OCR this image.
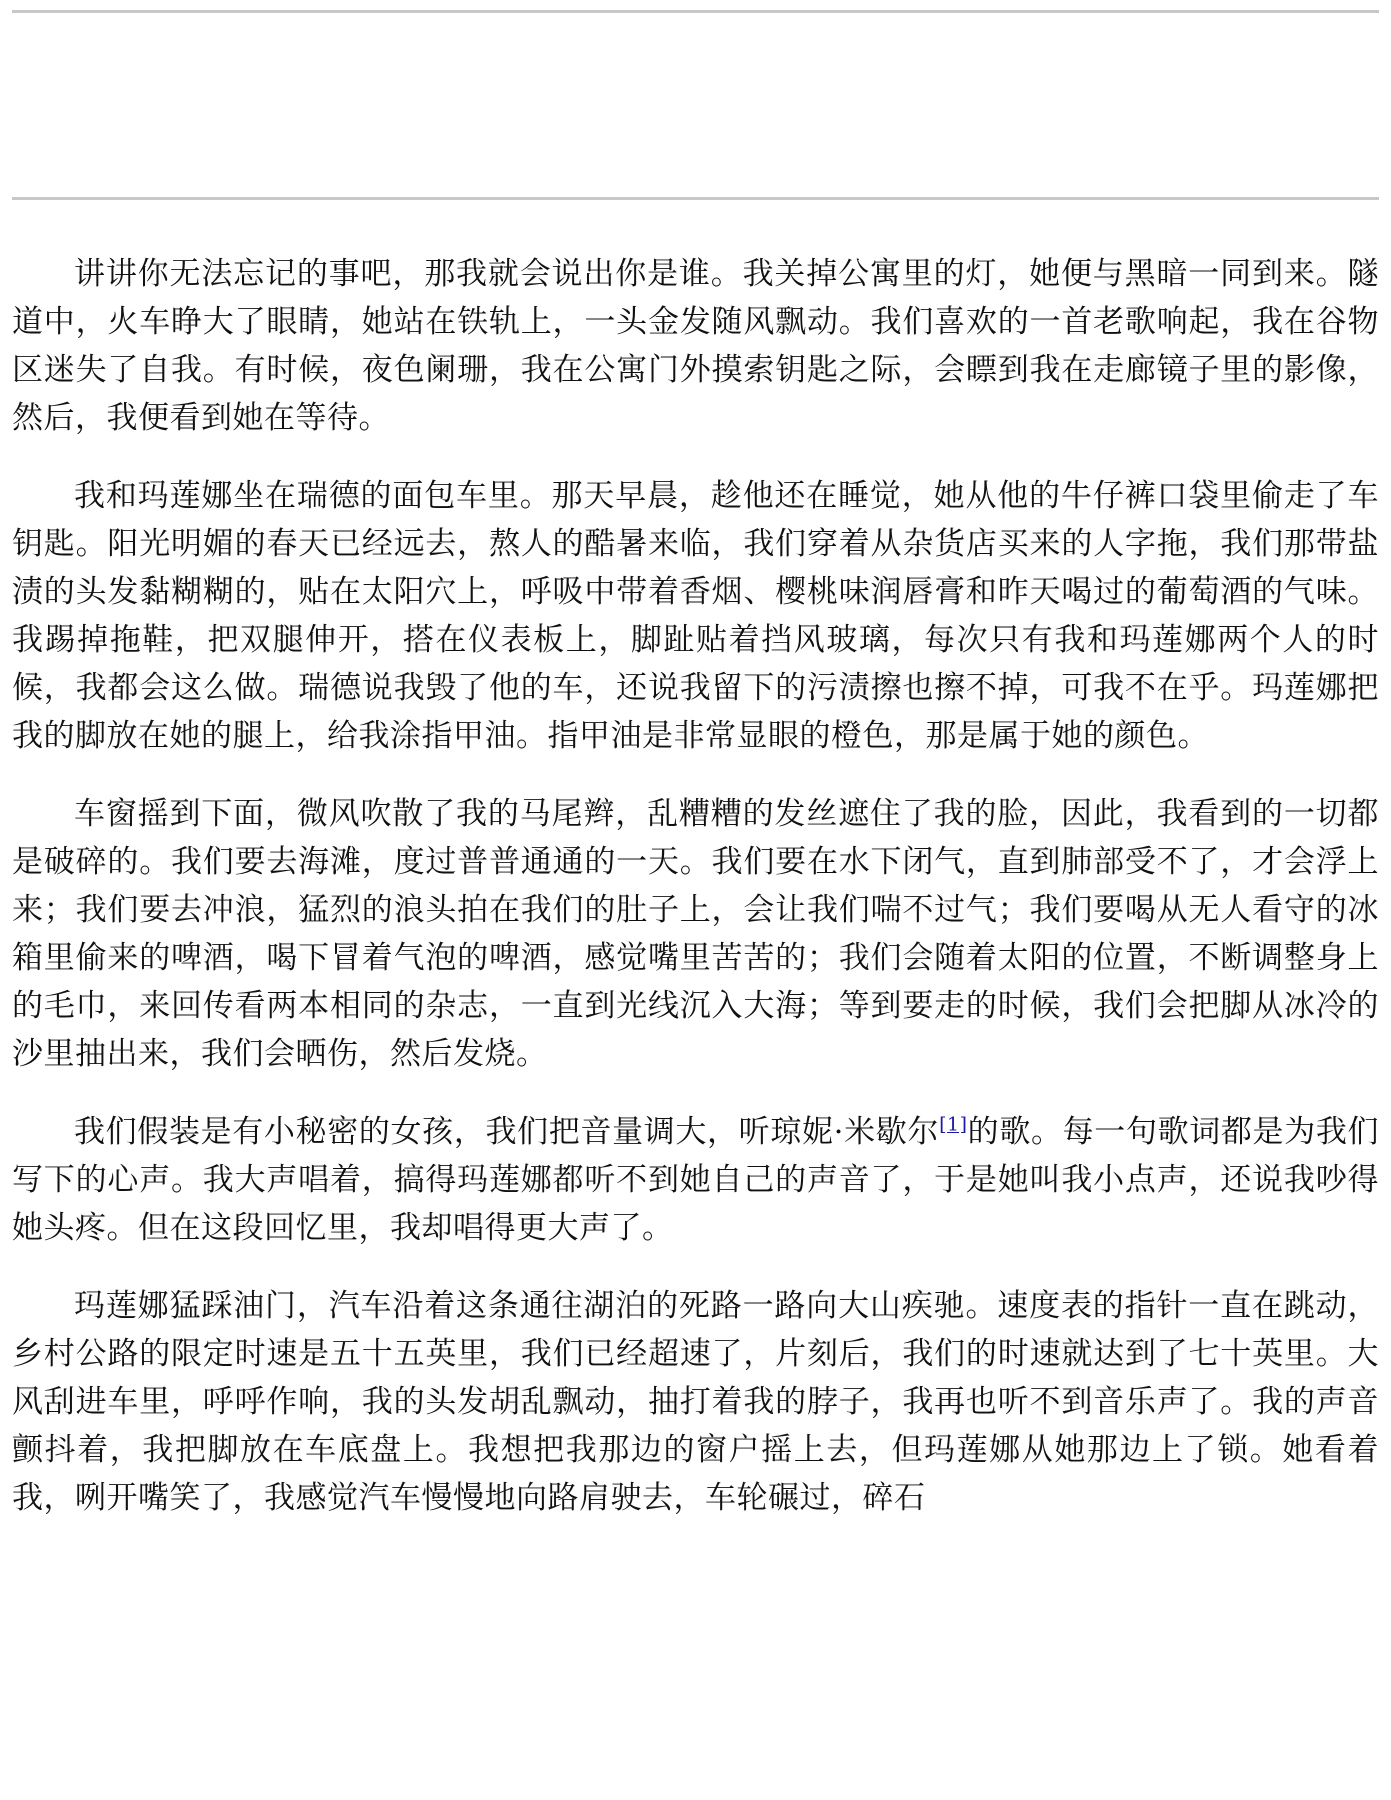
讲讲你无法忘记的事吧，那我就会说出你是谁。我关掉公寓里的灯，她便与黑暗一同到来。隧道中，火车睁大了眼睛，她站在铁轨上，一头金发随风飘动。我们喜欢的一首老歌响起，我在谷物区迷失了自我。有时候，夜色阑珊，我在公寓门外摸索钥匙之际，会瞟到我在走廊镜子里的影像，然后，我便看到她在等待。

我和玛莲娜坐在瑞德的面包车里。那天早晨，趁他还在睡觉，她从他的牛仔裤口袋里偷走了车钥匙。阳光明媚的春天已经远去，熬人的酷暑来临，我们穿着从杂货店买来的人字拖，我们那带盐渍的头发黏糊糊的，贴在太阳穴上，呼吸中带着香烟、樱桃味润唇膏和昨天喝过的葡萄酒的气味。我踢掉拖鞋，把双腿伸开，搭在仪表板上，脚趾贴着挡风玻璃，每次只有我和玛莲娜两个人的时候，我都会这么做。瑞德说我毁了他的车，还说我留下的污渍擦也擦不掉，可我不在乎。玛莲娜把我的脚放在她的腿上，给我涂指甲油。指甲油是非常显眼的橙色，那是属于她的颜色。

车窗摇到下面，微风吹散了我的马尾辫，乱糟糟的发丝遮住了我的脸，因此，我看到的一切都是破碎的。我们要去海滩，度过普普通通的一天。我们要在水下闭气，直到肺部受不了，才会浮上来；我们要去冲浪，猛烈的浪头拍在我们的肚子上，会让我们喘不过气；我们要喝从无人看守的冰箱里偷来的啤酒，喝下冒着气泡的啤酒，感觉嘴里苦苦的；我们会随着太阳的位置，不断调整身上的毛巾，来回传看两本相同的杂志，一直到光线沉入大海；等到要走的时候，我们会把脚从冰冷的沙里抽出来，我们会晒伤，然后发烧。

我们假装是有小秘密的女孩，我们把音量调大，听琼妮·米歇尔[1]的歌。每一句歌词都是为我们写下的心声。我大声唱着，搞得玛莲娜都听不到她自己的声音了，于是她叫我小点声，还说我吵得她头疼。但在这段回忆里，我却唱得更大声了。

玛莲娜猛踩油门，汽车沿着这条通往湖泊的死路一路向大山疾驰。速度表的指针一直在跳动，乡村公路的限定时速是五十五英里，我们已经超速了，片刻后，我们的时速就达到了七十英里。大风刮进车里，呼呼作响，我的头发胡乱飘动，抽打着我的脖子，我再也听不到音乐声了。我的声音颤抖着，我把脚放在车底盘上。我想把我那边的窗户摇上去，但玛莲娜从她那边上了锁。她看着我，咧开嘴笑了，我感觉汽车慢慢地向路肩驶去，车轮碾过，碎石
